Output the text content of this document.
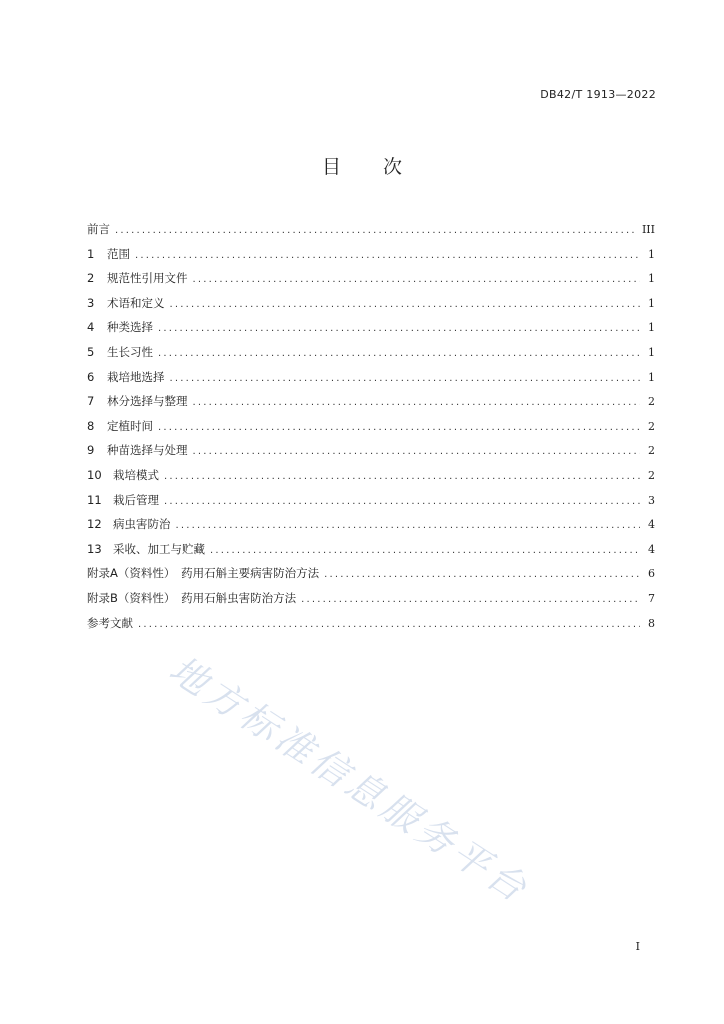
DB42/T 1913—2022
目 次
前言 .....	III
1	范围 .....	1
2	规范性引用文件 .....	1
3	术语和定义 .....	1
4	种类选择 .....	1
5	生长习性 .....	1
6	栽培地选择 .....	1
7	林分选择与整理 .....	2
8	定植时间 .....	2
9	种苗选择与处理 .....	2
10 栽培模式 .....	2
11 栽后管理 .....	3
12 病虫害防治 .....	4
13 采收、加工与贮藏 .....	4
附录A（资料性）　药用石斛主要病害防治方法 .....	6
附录B（资料性）　药用石斛虫害防治方法 .....	7
参考文献 .....	8
地方标准信息服务平台
I
